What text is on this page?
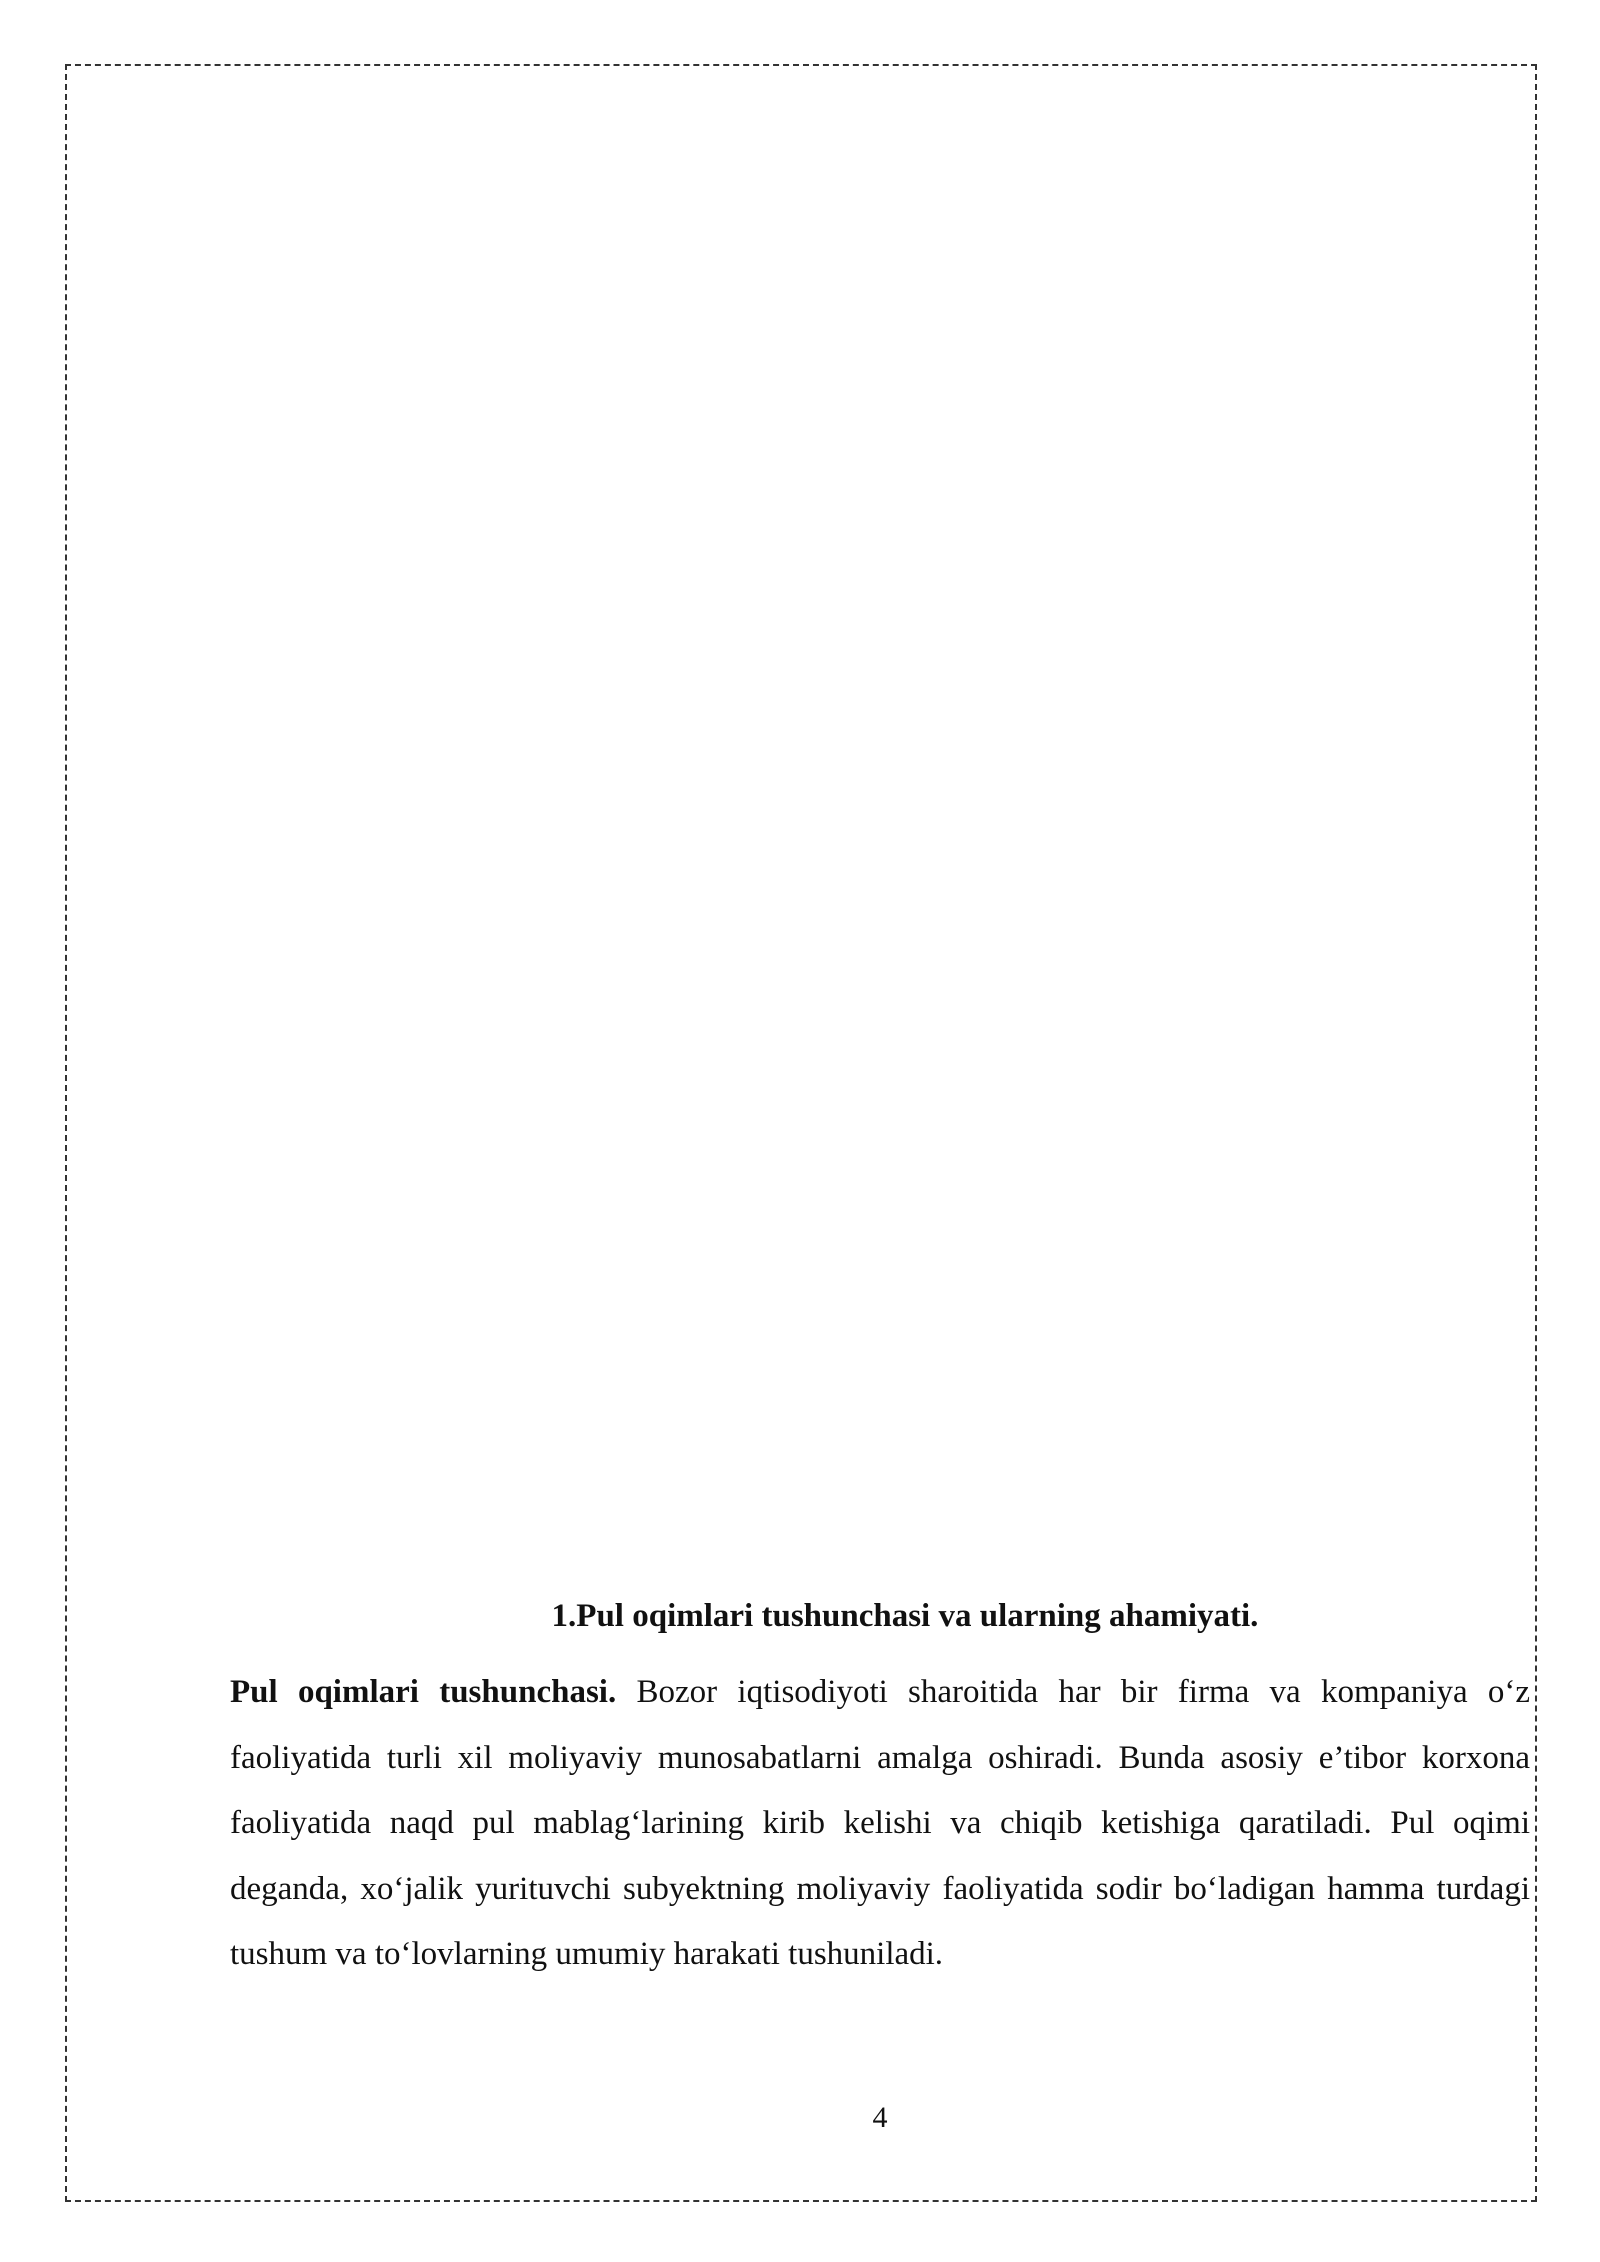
1.Pul oqimlari tushunchasi va ularning ahamiyati.

Pul oqimlari tushunchasi. Bozor iqtisodiyoti sharoitida har bir firma va kompaniya o‘z faoliyatida turli xil moliyaviy munosabatlarni amalga oshiradi. Bunda asosiy e’tibor korxona faoliyatida naqd pul mablag‘larining kirib kelishi va chiqib ketishiga qaratiladi. Pul oqimi deganda, xo‘jalik yurituvchi subyektning moliyaviy faoliyatida sodir bo‘ladigan hamma turdagi tushum va to‘lovlarning umumiy harakati tushuniladi.

4
